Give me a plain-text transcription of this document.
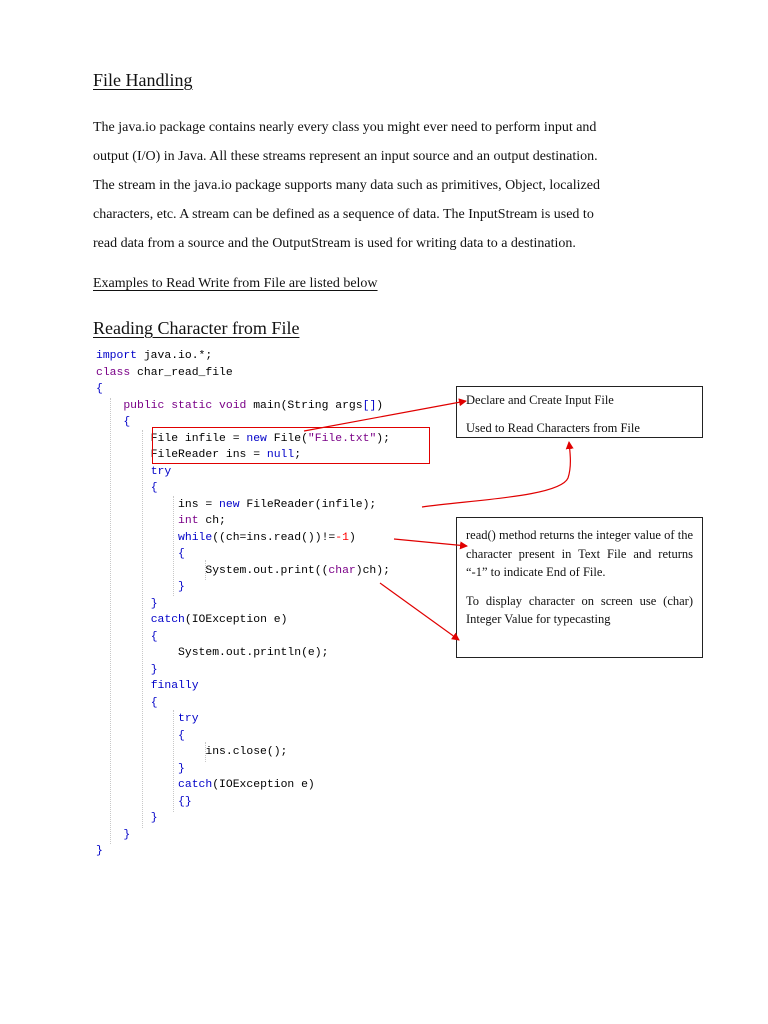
File Handling
The java.io package contains nearly every class you might ever need to perform input and
output (I/O) in Java. All these streams represent an input source and an output destination.
The stream in the java.io package supports many data such as primitives, Object, localized
characters, etc. A stream can be defined as a sequence of data. The InputStream is used to
read data from a source and the OutputStream is used for writing data to a destination.
Examples to Read Write from File are listed below
Reading Character from File
import java.io.*;
class char_read_file
{
public static void main(String args[])
{
File infile = new File("File.txt");
FileReader ins = null;
try
{
ins = new FileReader(infile);
int ch;
while((ch=ins.read())!=-1)
{
System.out.print((char)ch);
}
}
catch(IOException e)
{
System.out.println(e);
}
finally
{
try
{
ins.close();
}
catch(IOException e)
{}
}
}
}

Declare and Create Input File

Used to Read Characters from File

read() method returns the integer value of the character present in Text File and returns “-1” to indicate End of File.

To display character on screen use (char) Integer Value for typecasting
